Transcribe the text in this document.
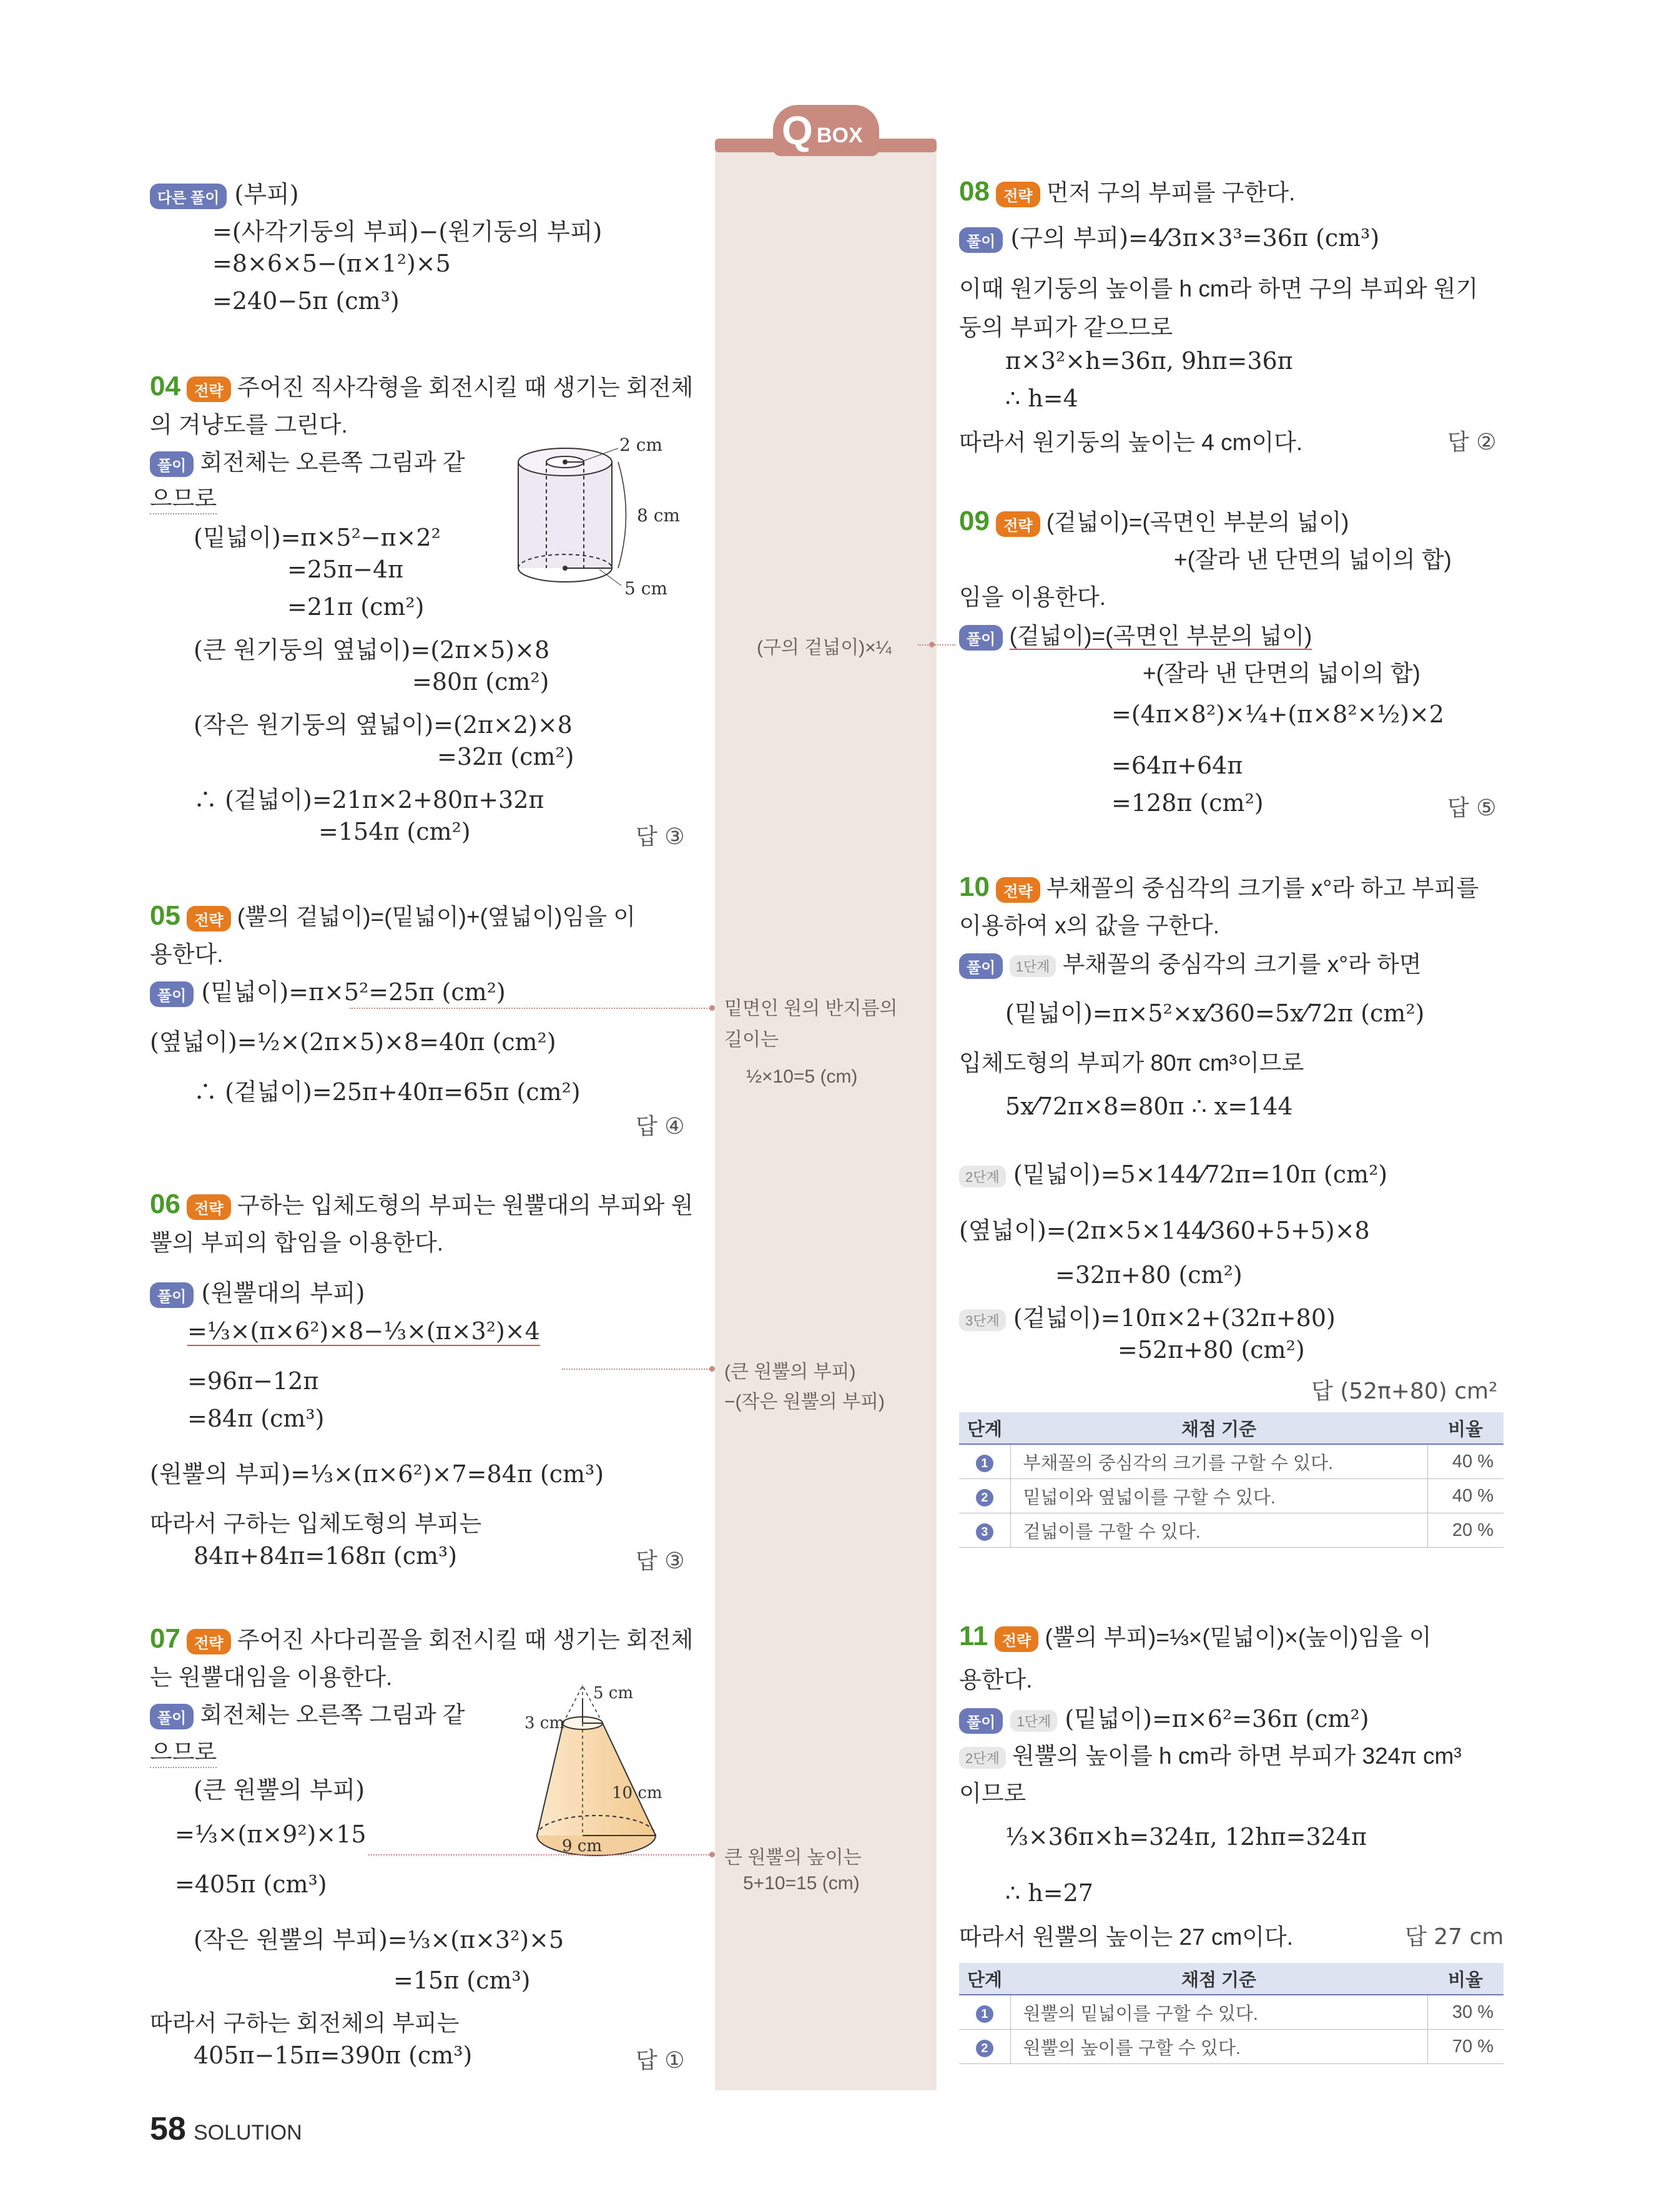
Q BOX
다른 풀이 (부피)
=(사각기둥의 부피)−(원기둥의 부피)
=8×6×5−(π×1²)×5
=240−5π (cm³)
04 전략 주어진 직사각형을 회전시킬 때 생기는 회전체
의 겨냥도를 그린다.
풀이 회전체는 오른쪽 그림과 같
으므로
2 cm
8 cm
5 cm
(밑넓이)=π×5²−π×2²
=25π−4π
=21π (cm²)
(큰 원기둥의 옆넓이)=(2π×5)×8
=80π (cm²)
(작은 원기둥의 옆넓이)=(2π×2)×8
=32π (cm²)
∴ (겉넓이)=21π×2+80π+32π
=154π (cm²)	답 ③
05 전략 (뿔의 겉넓이)=(밑넓이)+(옆넓이)임을 이
용한다.
풀이 (밑넓이)=π×5²=25π (cm²)
(옆넓이)=½×(2π×5)×8=40π (cm²)
∴ (겉넓이)=25π+40π=65π (cm²)
답 ④
06 전략 구하는 입체도형의 부피는 원뿔대의 부피와 원
뿔의 부피의 합임을 이용한다.
풀이 (원뿔대의 부피)
=⅓×(π×6²)×8−⅓×(π×3²)×4
=96π−12π
=84π (cm³)
(원뿔의 부피)=⅓×(π×6²)×7=84π (cm³)
따라서 구하는 입체도형의 부피는
84π+84π=168π (cm³)	답 ③
07 전략 주어진 사다리꼴을 회전시킬 때 생기는 회전체
는 원뿔대임을 이용한다.
풀이 회전체는 오른쪽 그림과 같
으므로
5 cm
3 cm
10 cm
9 cm
(큰 원뿔의 부피)
=⅓×(π×9²)×15
=405π (cm³)
(작은 원뿔의 부피)=⅓×(π×3²)×5
=15π (cm³)
따라서 구하는 회전체의 부피는
405π−15π=390π (cm³)	답 ①
(구의 겉넓이)×¼
밑면인 원의 반지름의
길이는
½×10=5 (cm)
(큰 원뿔의 부피)
−(작은 원뿔의 부피)
큰 원뿔의 높이는
5+10=15 (cm)
08 전략 먼저 구의 부피를 구한다.
풀이 (구의 부피)=4⁄3π×3³=36π (cm³)
이때 원기둥의 높이를 h cm라 하면 구의 부피와 원기
둥의 부피가 같으므로
π×3²×h=36π, 9hπ=36π
∴ h=4
따라서 원기둥의 높이는 4 cm이다.	답 ②
09 전략 (겉넓이)=(곡면인 부분의 넓이)
+(잘라 낸 단면의 넓이의 합)
임을 이용한다.
풀이 (겉넓이)=(곡면인 부분의 넓이)
+(잘라 낸 단면의 넓이의 합)
=(4π×8²)×¼+(π×8²×½)×2
=64π+64π
=128π (cm²)	답 ⑤
10 전략 부채꼴의 중심각의 크기를 x°라 하고 부피를
이용하여 x의 값을 구한다.
풀이 1단계 부채꼴의 중심각의 크기를 x°라 하면
(밑넓이)=π×5²×x⁄360=5x⁄72π (cm²)
입체도형의 부피가 80π cm³이므로
5x⁄72π×8=80π ∴ x=144
2단계 (밑넓이)=5×144⁄72π=10π (cm²)
(옆넓이)=(2π×5×144⁄360+5+5)×8
=32π+80 (cm²)
3단계 (겉넓이)=10π×2+(32π+80)
=52π+80 (cm²)
답 (52π+80) cm²
단계	채점 기준	비율
1	부채꼴의 중심각의 크기를 구할 수 있다.	40 %
2	밑넓이와 옆넓이를 구할 수 있다.	40 %
3	겉넓이를 구할 수 있다.	20 %
11 전략 (뿔의 부피)=⅓×(밑넓이)×(높이)임을 이
용한다.
풀이 1단계 (밑넓이)=π×6²=36π (cm²)
2단계 원뿔의 높이를 h cm라 하면 부피가 324π cm³
이므로
⅓×36π×h=324π, 12hπ=324π
∴ h=27
따라서 원뿔의 높이는 27 cm이다.	답 27 cm
단계	채점 기준	비율
1	원뿔의 밑넓이를 구할 수 있다.	30 %
2	원뿔의 높이를 구할 수 있다.	70 %
58 SOLUTION
